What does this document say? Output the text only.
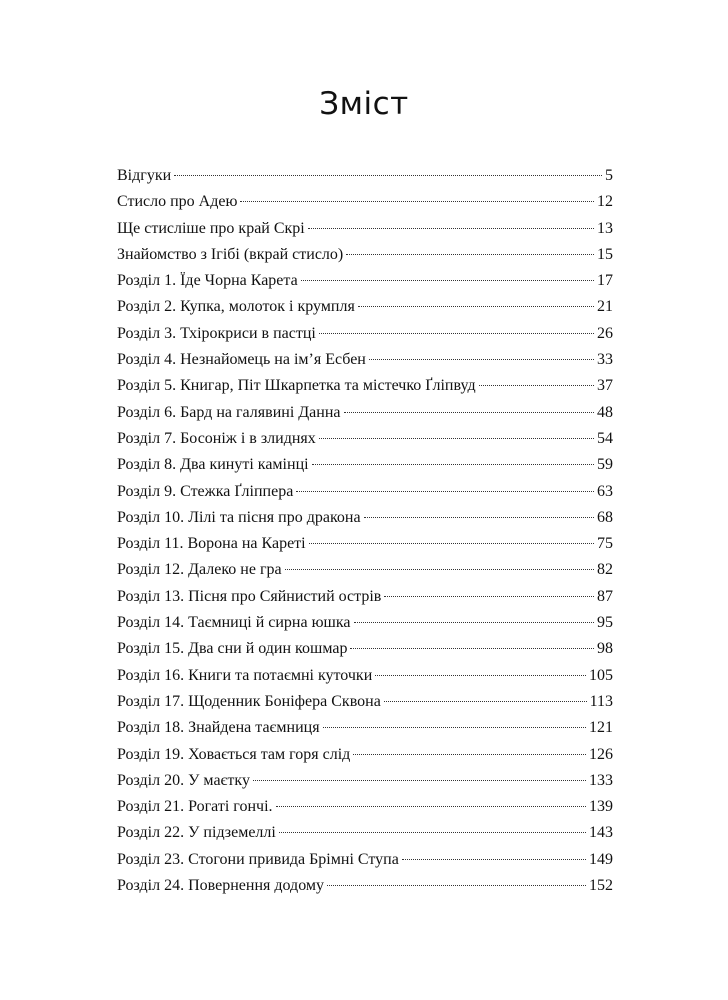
Зміст
Відгуки	5
Стисло про Адею	12
Ще стисліше про край Скрі	13
Знайомство з Ігібі (вкрай стисло)	15
Розділ 1. Їде Чорна Карета	17
Розділ 2. Купка, молоток і крумпля	21
Розділ 3. Тхірокриси в пастці	26
Розділ 4. Незнайомець на ім’я Есбен	33
Розділ 5. Книгар, Піт Шкарпетка та містечко Ґліпвуд	37
Розділ 6. Бард на галявині Данна	48
Розділ 7. Босоніж і в злиднях	54
Розділ 8. Два кинуті камінці	59
Розділ 9. Стежка Ґліппера	63
Розділ 10. Лілі та пісня про дракона	68
Розділ 11. Ворона на Кареті	75
Розділ 12. Далеко не гра	82
Розділ 13. Пісня про Сяйнистий острів	87
Розділ 14. Таємниці й сирна юшка	95
Розділ 15. Два сни й один кошмар	98
Розділ 16. Книги та потаємні куточки	105
Розділ 17. Щоденник Боніфера Сквона	113
Розділ 18. Знайдена таємниця	121
Розділ 19. Ховається там горя слід	126
Розділ 20. У маєтку	133
Розділ 21. Рогаті гончі.	139
Розділ 22. У підземеллі	143
Розділ 23. Стогони привида Брімні Ступа	149
Розділ 24. Повернення додому	152
